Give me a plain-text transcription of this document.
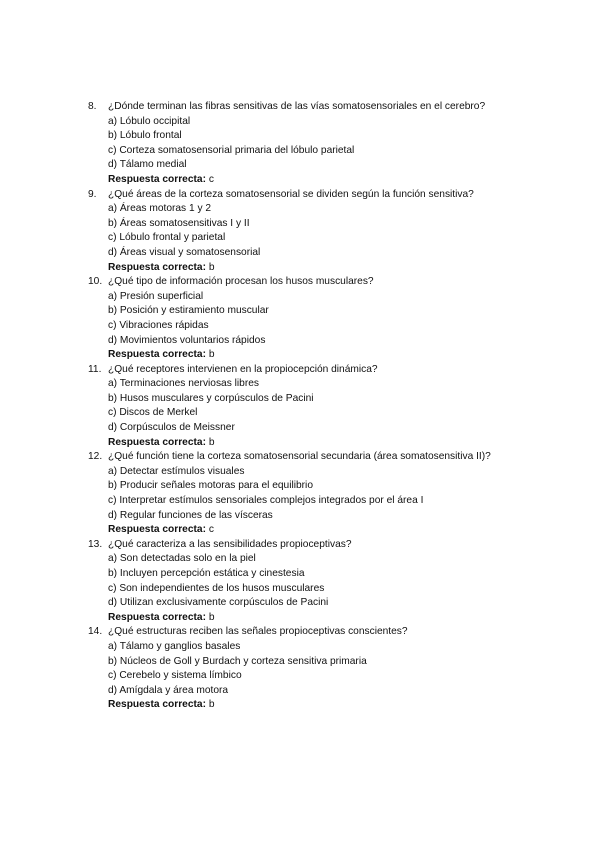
8.	¿Dónde terminan las fibras sensitivas de las vías somatosensoriales en el cerebro?
a) Lóbulo occipital
b) Lóbulo frontal
c) Corteza somatosensorial primaria del lóbulo parietal
d) Tálamo medial
Respuesta correcta: c
9.	¿Qué áreas de la corteza somatosensorial se dividen según la función sensitiva?
a) Áreas motoras 1 y 2
b) Áreas somatosensitivas I y II
c) Lóbulo frontal y parietal
d) Áreas visual y somatosensorial
Respuesta correcta: b
10. ¿Qué tipo de información procesan los husos musculares?
a) Presión superficial
b) Posición y estiramiento muscular
c) Vibraciones rápidas
d) Movimientos voluntarios rápidos
Respuesta correcta: b
11. ¿Qué receptores intervienen en la propiocepción dinámica?
a) Terminaciones nerviosas libres
b) Husos musculares y corpúsculos de Pacini
c) Discos de Merkel
d) Corpúsculos de Meissner
Respuesta correcta: b
12. ¿Qué función tiene la corteza somatosensorial secundaria (área somatosensitiva II)?
a) Detectar estímulos visuales
b) Producir señales motoras para el equilibrio
c) Interpretar estímulos sensoriales complejos integrados por el área I
d) Regular funciones de las vísceras
Respuesta correcta: c
13. ¿Qué caracteriza a las sensibilidades propioceptivas?
a) Son detectadas solo en la piel
b) Incluyen percepción estática y cinestesia
c) Son independientes de los husos musculares
d) Utilizan exclusivamente corpúsculos de Pacini
Respuesta correcta: b
14. ¿Qué estructuras reciben las señales propioceptivas conscientes?
a) Tálamo y ganglios basales
b) Núcleos de Goll y Burdach y corteza sensitiva primaria
c) Cerebelo y sistema límbico
d) Amígdala y área motora
Respuesta correcta: b
